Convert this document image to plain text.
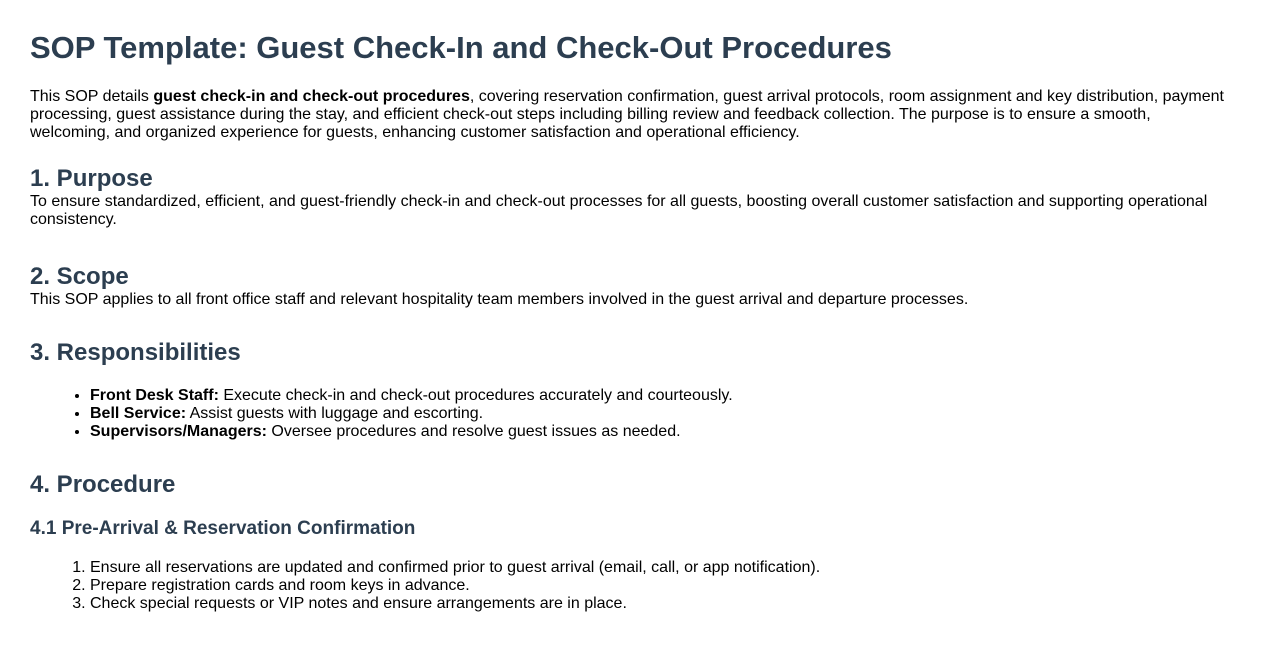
SOP Template: Guest Check-In and Check-Out Procedures

This SOP details guest check-in and check-out procedures, covering reservation confirmation, guest arrival protocols, room assignment and key distribution, payment processing, guest assistance during the stay, and efficient check-out steps including billing review and feedback collection. The purpose is to ensure a smooth, welcoming, and organized experience for guests, enhancing customer satisfaction and operational efficiency.

1. Purpose

To ensure standardized, efficient, and guest-friendly check-in and check-out processes for all guests, boosting overall customer satisfaction and supporting operational consistency.

2. Scope

This SOP applies to all front office staff and relevant hospitality team members involved in the guest arrival and departure processes.

3. Responsibilities
• Front Desk Staff: Execute check-in and check-out procedures accurately and courteously.
• Bell Service: Assist guests with luggage and escorting.
• Supervisors/Managers: Oversee procedures and resolve guest issues as needed.
4. Procedure
4.1 Pre-Arrival & Reservation Confirmation
1. Ensure all reservations are updated and confirmed prior to guest arrival (email, call, or app notification).
2. Prepare registration cards and room keys in advance.
3. Check special requests or VIP notes and ensure arrangements are in place.
